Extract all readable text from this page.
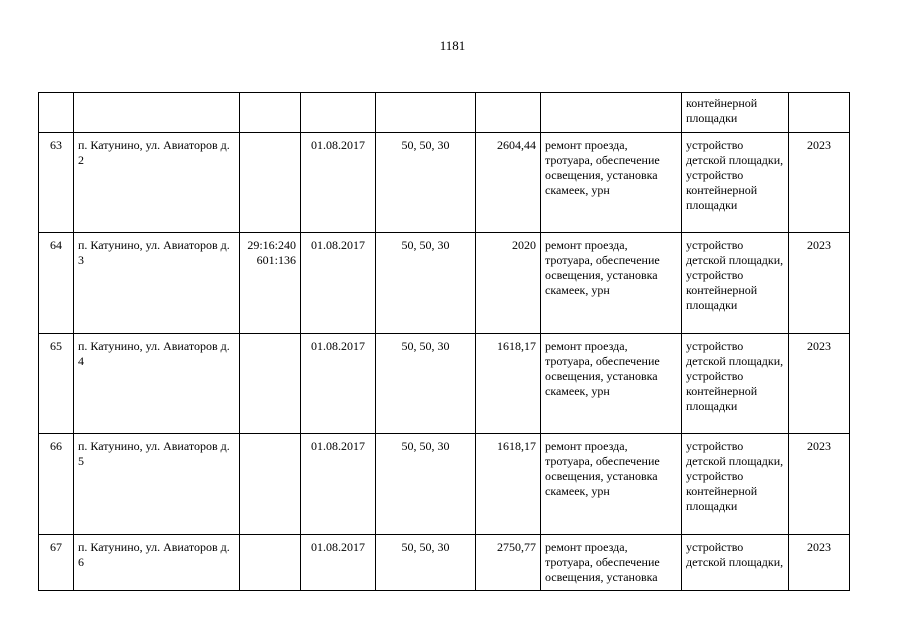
1181
							контейнерной площадки	
63	п. Катунино, ул. Авиаторов д. 2		01.08.2017	50, 50, 30	2604,44	ремонт проезда, тротуара, обеспечение освещения, установка скамеек, урн	устройство детской площадки, устройство контейнерной площадки	2023
64	п. Катунино, ул. Авиаторов д. 3	29:16:240 601:136	01.08.2017	50, 50, 30	2020	ремонт проезда, тротуара, обеспечение освещения, установка скамеек, урн	устройство детской площадки, устройство контейнерной площадки	2023
65	п. Катунино, ул. Авиаторов д. 4		01.08.2017	50, 50, 30	1618,17	ремонт проезда, тротуара, обеспечение освещения, установка скамеек, урн	устройство детской площадки, устройство контейнерной площадки	2023
66	п. Катунино, ул. Авиаторов д. 5		01.08.2017	50, 50, 30	1618,17	ремонт проезда, тротуара, обеспечение освещения, установка скамеек, урн	устройство детской площадки, устройство контейнерной площадки	2023
67	п. Катунино, ул. Авиаторов д. 6		01.08.2017	50, 50, 30	2750,77	ремонт проезда, тротуара, обеспечение освещения, установка	устройство детской площадки,	2023
